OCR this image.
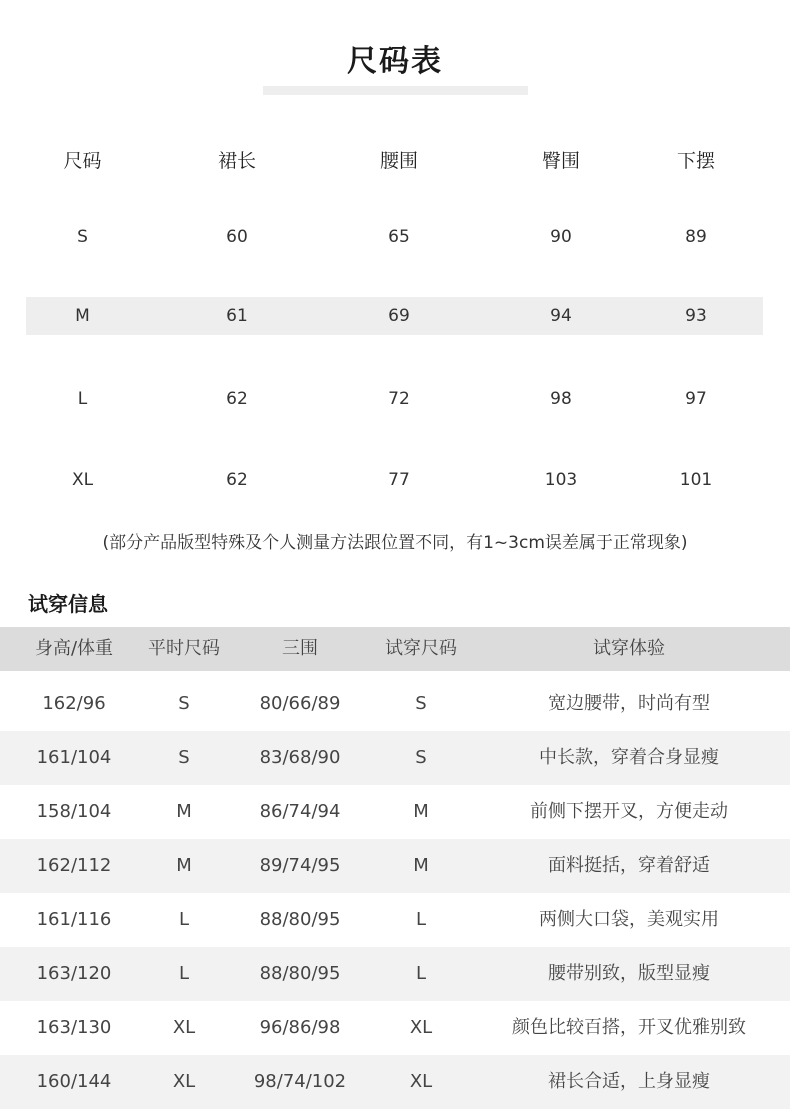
尺码表
尺码	裙长	腰围	臀围	下摆
S	60	65	90	89
M	61	69	94	93
L	62	72	98	97
XL	62	77	103	101
(部分产品版型特殊及个人测量方法跟位置不同，有1~3cm误差属于正常现象)
试穿信息
身高/体重	平时尺码	三围	试穿尺码	试穿体验
162/96	S	80/66/89	S	宽边腰带，时尚有型
161/104	S	83/68/90	S	中长款，穿着合身显瘦
158/104	M	86/74/94	M	前侧下摆开叉，方便走动
162/112	M	89/74/95	M	面料挺括，穿着舒适
161/116	L	88/80/95	L	两侧大口袋，美观实用
163/120	L	88/80/95	L	腰带别致，版型显瘦
163/130	XL	96/86/98	XL	颜色比较百搭，开叉优雅别致
160/144	XL	98/74/102	XL	裙长合适，上身显瘦
